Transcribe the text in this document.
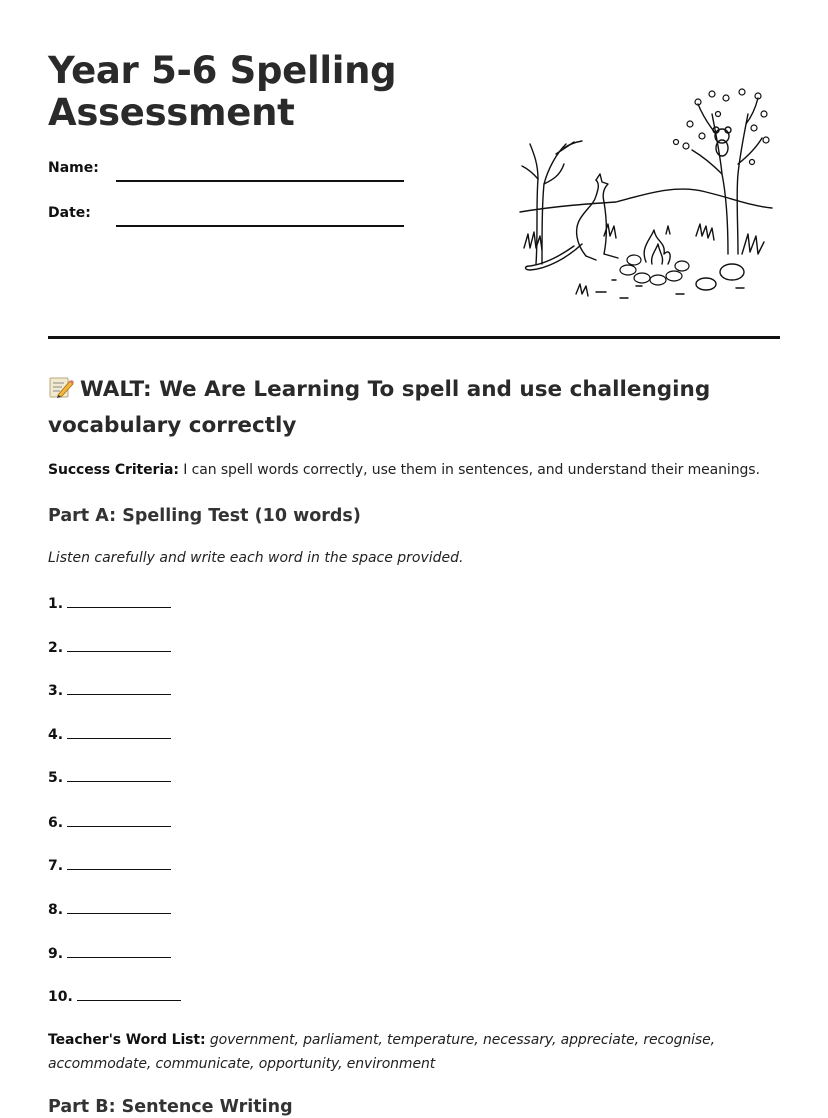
Year 5-6 Spelling
Assessment
Name:
Date:
WALT: We Are Learning To spell and use challenging vocabulary correctly
Success Criteria: I can spell words correctly, use them in sentences, and understand their meanings.
Part A: Spelling Test (10 words)
Listen carefully and write each word in the space provided.
1.
2.
3.
4.
5.
6.
7.
8.
9.
10.
Teacher's Word List: government, parliament, temperature, necessary, appreciate, recognise, accommodate, communicate, opportunity, environment
Part B: Sentence Writing
